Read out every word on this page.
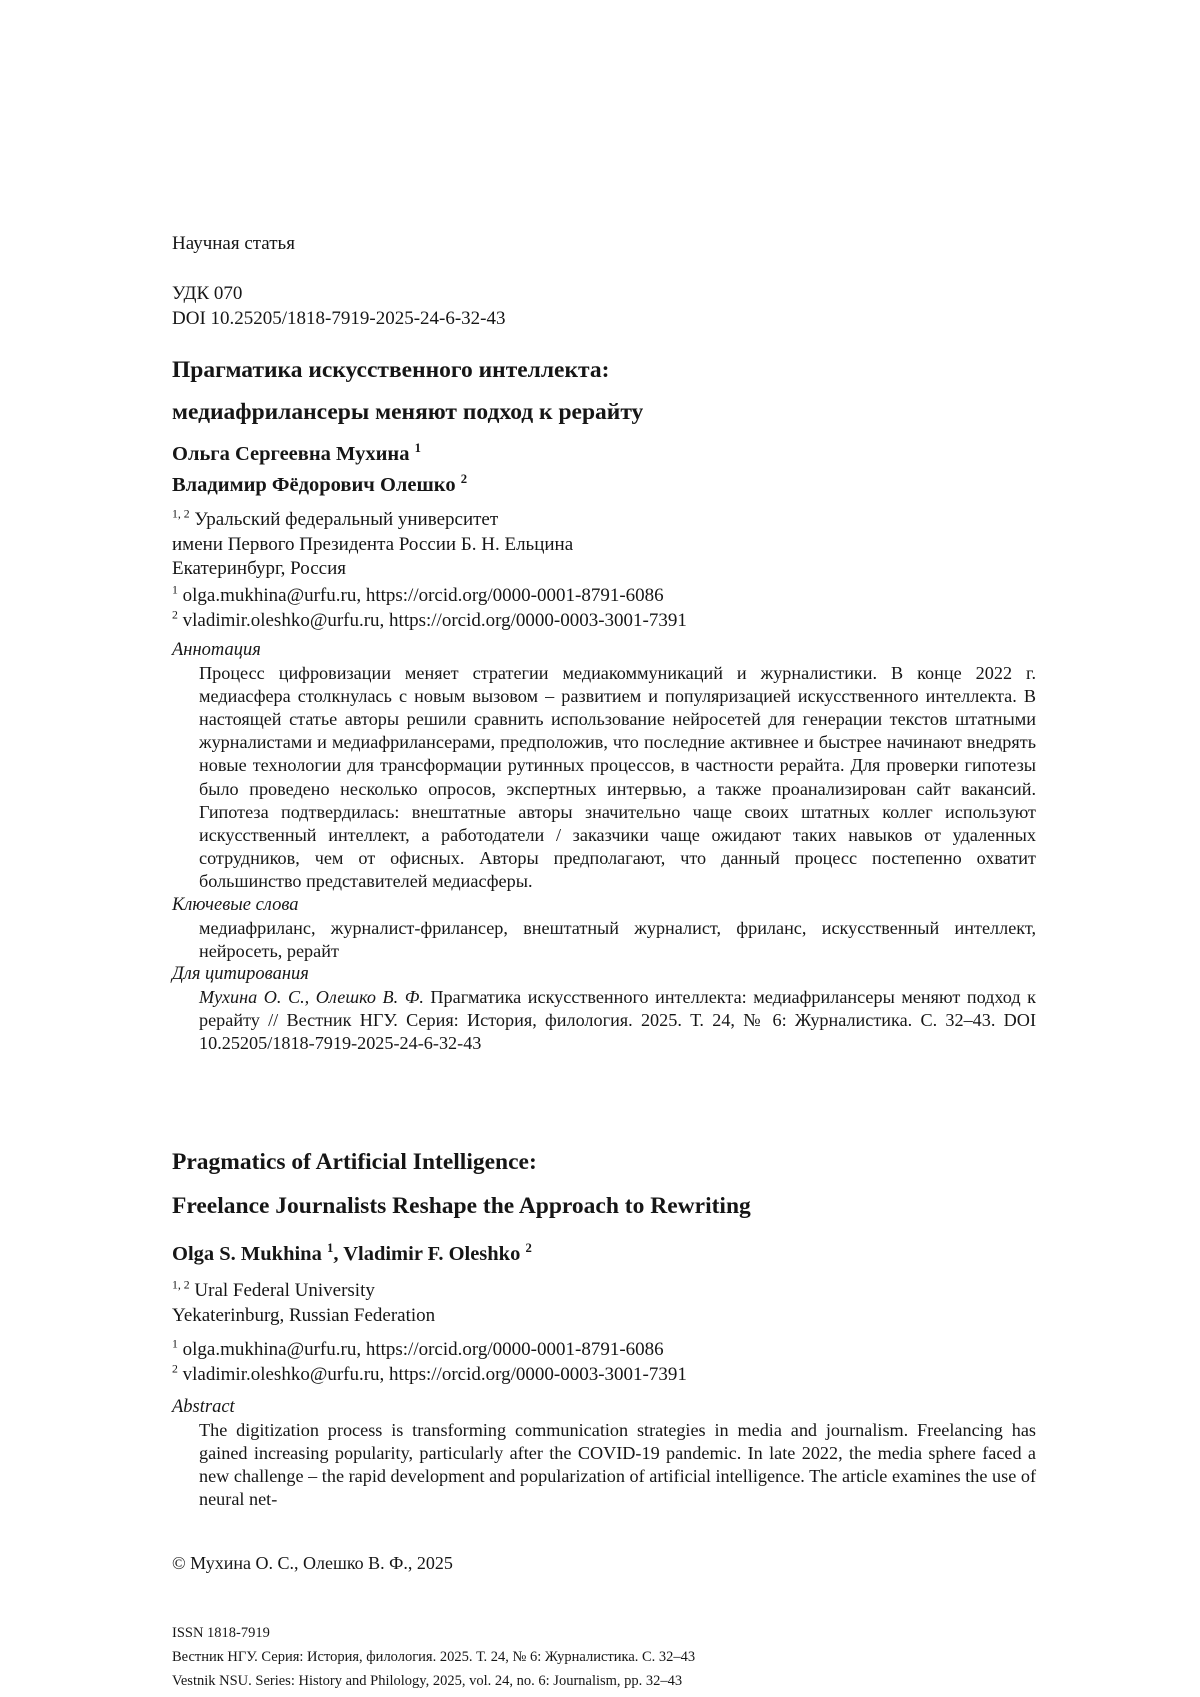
Научная статья
УДК 070
DOI 10.25205/1818-7919-2025-24-6-32-43
Прагматика искусственного интеллекта:
медиафрилансеры меняют подход к рерайту
Ольга Сергеевна Мухина $^1$
Владимир Фёдорович Олешко $^2$
$^{1, 2}$ Уральский федеральный университет
имени Первого Президента России Б. Н. Ельцина
Екатеринбург, Россия
$^1$ olga.mukhina@urfu.ru, https://orcid.org/0000-0001-8791-6086
$^2$ vladimir.oleshko@urfu.ru, https://orcid.org/0000-0003-3001-7391
Аннотация
Процесс цифровизации меняет стратегии медиакоммуникаций и журналистики. В конце 2022 г. медиасфера столкнулась с новым вызовом – развитием и популяризацией искусственного интеллекта. В настоящей статье авторы решили сравнить использование нейросетей для генерации текстов штатными журналистами и медиафрилансерами, предположив, что последние активнее и быстрее начинают внедрять новые технологии для трансформации рутинных процессов, в частности рерайта. Для проверки гипотезы было проведено несколько опросов, экспертных интервью, а также проанализирован сайт вакансий. Гипотеза подтвердилась: внештатные авторы значительно чаще своих штатных коллег используют искусственный интеллект, а работодатели / заказчики чаще ожидают таких навыков от удаленных сотрудников, чем от офисных. Авторы предполагают, что данный процесс постепенно охватит большинство представителей медиасферы.
Ключевые слова
медиафриланс, журналист-фрилансер, внештатный журналист, фриланс, искусственный интеллект, нейросеть, рерайт
Для цитирования
Мухина О. С., Олешко В. Ф. Прагматика искусственного интеллекта: медиафрилансеры меняют подход к рерайту // Вестник НГУ. Серия: История, филология. 2025. Т. 24, № 6: Журналистика. С. 32–43. DOI 10.25205/1818-7919-2025-24-6-32-43
Pragmatics of Artificial Intelligence:
Freelance Journalists Reshape the Approach to Rewriting
Olga S. Mukhina $^1$, Vladimir F. Oleshko $^2$
$^{1, 2}$ Ural Federal University
Yekaterinburg, Russian Federation
$^1$ olga.mukhina@urfu.ru, https://orcid.org/0000-0001-8791-6086
$^2$ vladimir.oleshko@urfu.ru, https://orcid.org/0000-0003-3001-7391
Abstract
The digitization process is transforming communication strategies in media and journalism. Freelancing has gained increasing popularity, particularly after the COVID-19 pandemic. In late 2022, the media sphere faced a new challenge – the rapid development and popularization of artificial intelligence. The article examines the use of neural net-
© Мухина О. С., Олешко В. Ф., 2025
ISSN 1818-7919
Вестник НГУ. Серия: История, филология. 2025. Т. 24, № 6: Журналистика. С. 32–43
Vestnik NSU. Series: History and Philology, 2025, vol. 24, no. 6: Journalism, pp. 32–43
